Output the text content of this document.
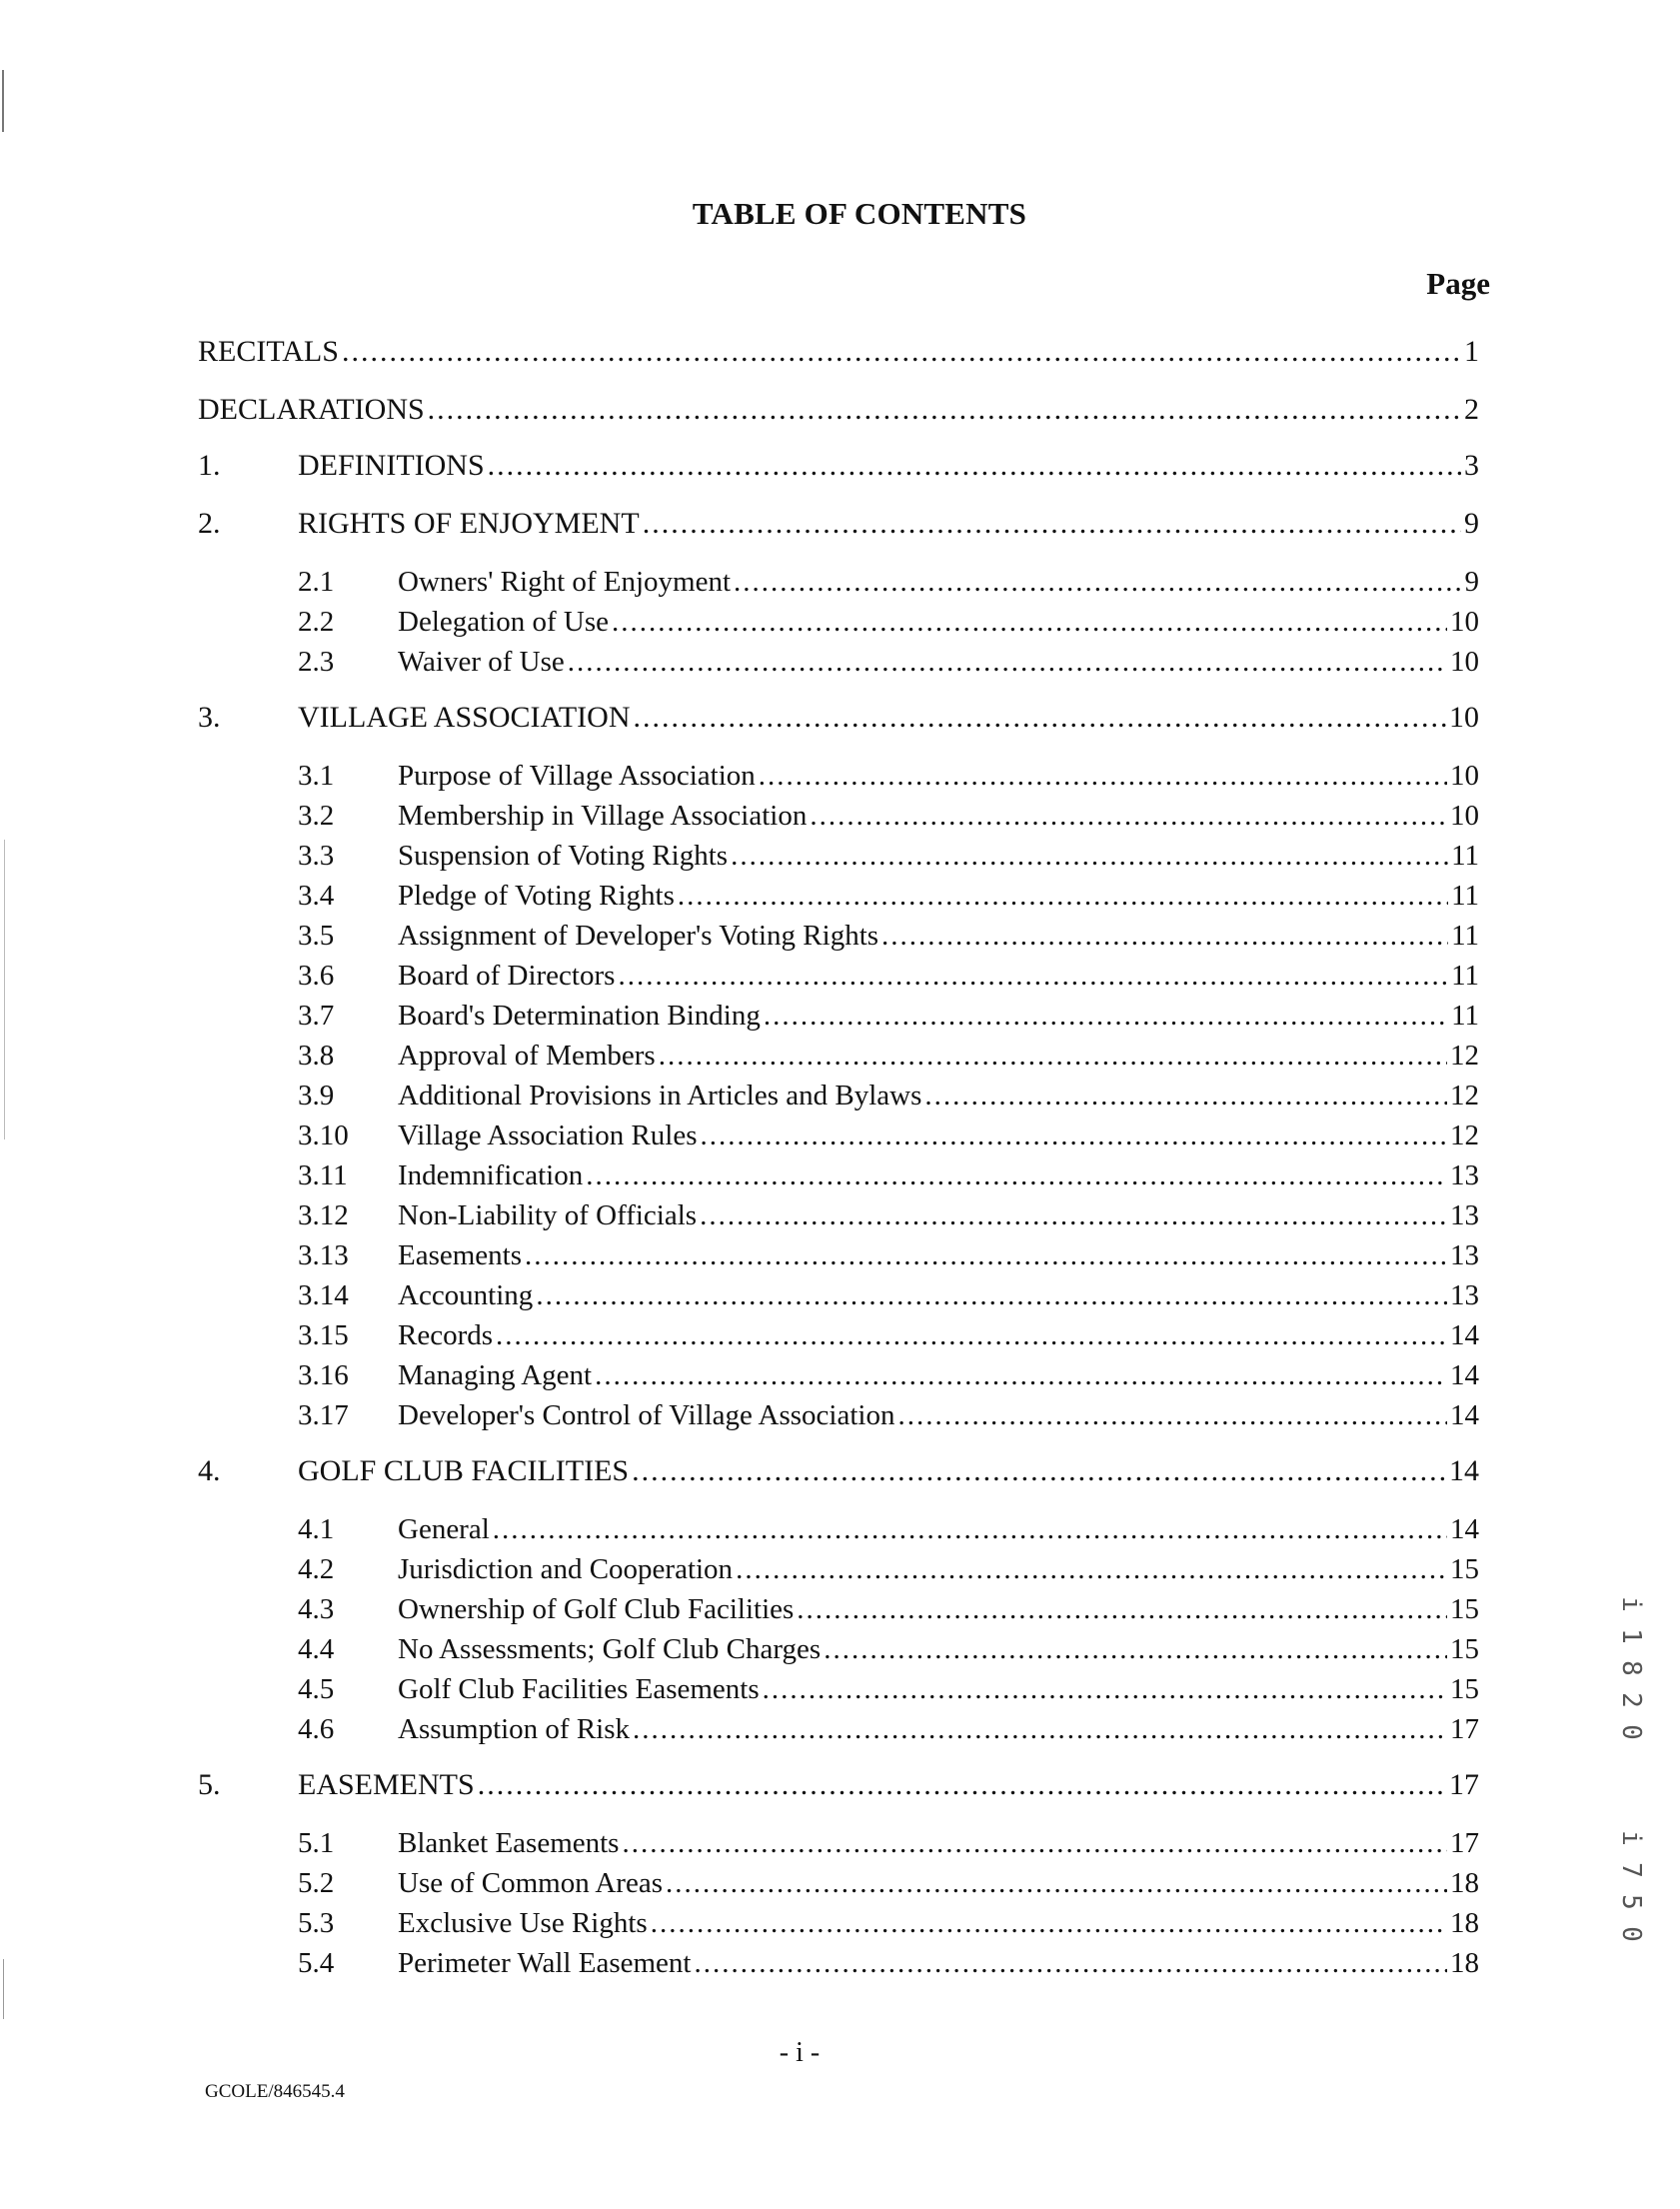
TABLE OF CONTENTS
Page
RECITALS .....	1
DECLARATIONS .....	2
1.	DEFINITIONS .....	3
2.	RIGHTS OF ENJOYMENT .....	9
2.1	Owners' Right of Enjoyment .....	9
2.2	Delegation of Use .....	10
2.3	Waiver of Use .....	10
3.	VILLAGE ASSOCIATION .....	10
3.1	Purpose of Village Association .....	10
3.2	Membership in Village Association .....	10
3.3	Suspension of Voting Rights .....	11
3.4	Pledge of Voting Rights .....	11
3.5	Assignment of Developer's Voting Rights .....	11
3.6	Board of Directors .....	11
3.7	Board's Determination Binding .....	11
3.8	Approval of Members .....	12
3.9	Additional Provisions in Articles and Bylaws .....	12
3.10	Village Association Rules .....	12
3.11	Indemnification .....	13
3.12	Non-Liability of Officials .....	13
3.13	Easements .....	13
3.14	Accounting .....	13
3.15	Records .....	14
3.16	Managing Agent .....	14
3.17	Developer's Control of Village Association .....	14
4.	GOLF CLUB FACILITIES .....	14
4.1	General .....	14
4.2	Jurisdiction and Cooperation .....	15
4.3	Ownership of Golf Club Facilities .....	15
4.4	No Assessments; Golf Club Charges .....	15
4.5	Golf Club Facilities Easements .....	15
4.6	Assumption of Risk .....	17
5.	EASEMENTS .....	17
5.1	Blanket Easements .....	17
5.2	Use of Common Areas .....	18
5.3	Exclusive Use Rights .....	18
5.4	Perimeter Wall Easement .....	18
- i -
GCOLE/846545.4
i
1
8
2
0
i
7
5
0
